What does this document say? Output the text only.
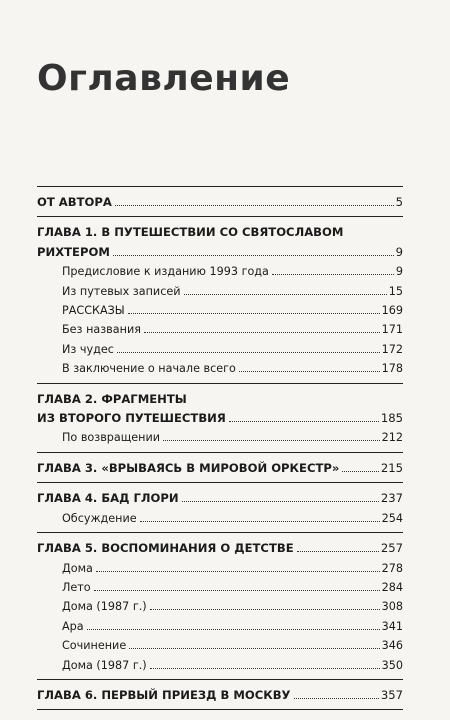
Оглавление
ОТ АВТОРА	5
ГЛАВА 1. В ПУТЕШЕСТВИИ СО СВЯТОСЛАВОМ
РИХТЕРОМ	9
Предисловие к изданию 1993 года	9
Из путевых записей	15
РАССКАЗЫ	169
Без названия	171
Из чудес	172
В заключение о начале всего	178
ГЛАВА 2. ФРАГМЕНТЫ
ИЗ ВТОРОГО ПУТЕШЕСТВИЯ	185
По возвращении	212
ГЛАВА 3. «ВРЫВАЯСЬ В МИРОВОЙ ОРКЕСТР»	215
ГЛАВА 4. БАД ГЛОРИ	237
Обсуждение	254
ГЛАВА 5. ВОСПОМИНАНИЯ О ДЕТСТВЕ	257
Дома	278
Лето	284
Дома (1987 г.)	308
Ара	341
Сочинение	346
Дома (1987 г.)	350
ГЛАВА 6. ПЕРВЫЙ ПРИЕЗД В МОСКВУ	357
